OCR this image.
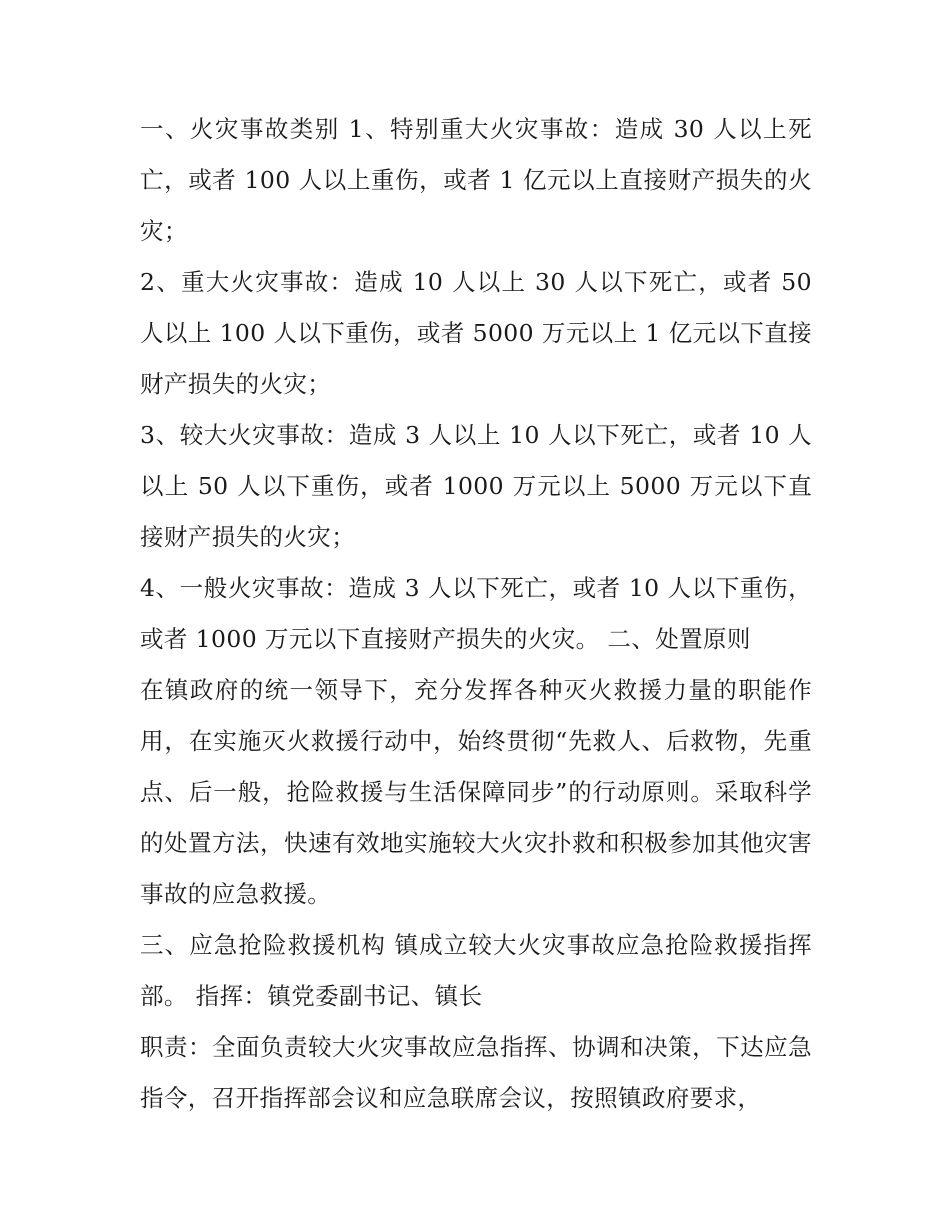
一、火灾事故类别 1、特别重大火灾事故：造成 30 人以上死亡，或者 100 人以上重伤，或者 1 亿元以上直接财产损失的火灾；

2、重大火灾事故：造成 10 人以上 30 人以下死亡，或者 50 人以上 100 人以下重伤，或者 5000 万元以上 1 亿元以下直接财产损失的火灾；

3、较大火灾事故：造成 3 人以上 10 人以下死亡，或者 10 人以上 50 人以下重伤，或者 1000 万元以上 5000 万元以下直接财产损失的火灾；

4、一般火灾事故：造成 3 人以下死亡，或者 10 人以下重伤，或者 1000 万元以下直接财产损失的火灾。 二、处置原则

在镇政府的统一领导下，充分发挥各种灭火救援力量的职能作用，在实施灭火救援行动中，始终贯彻“先救人、后救物，先重点、后一般，抢险救援与生活保障同步”的行动原则。采取科学的处置方法，快速有效地实施较大火灾扑救和积极参加其他灾害事故的应急救援。

三、应急抢险救援机构 镇成立较大火灾事故应急抢险救援指挥部。 指挥：镇党委副书记、镇长

职责：全面负责较大火灾事故应急指挥、协调和决策，下达应急指令，召开指挥部会议和应急联席会议，按照镇政府要求，
